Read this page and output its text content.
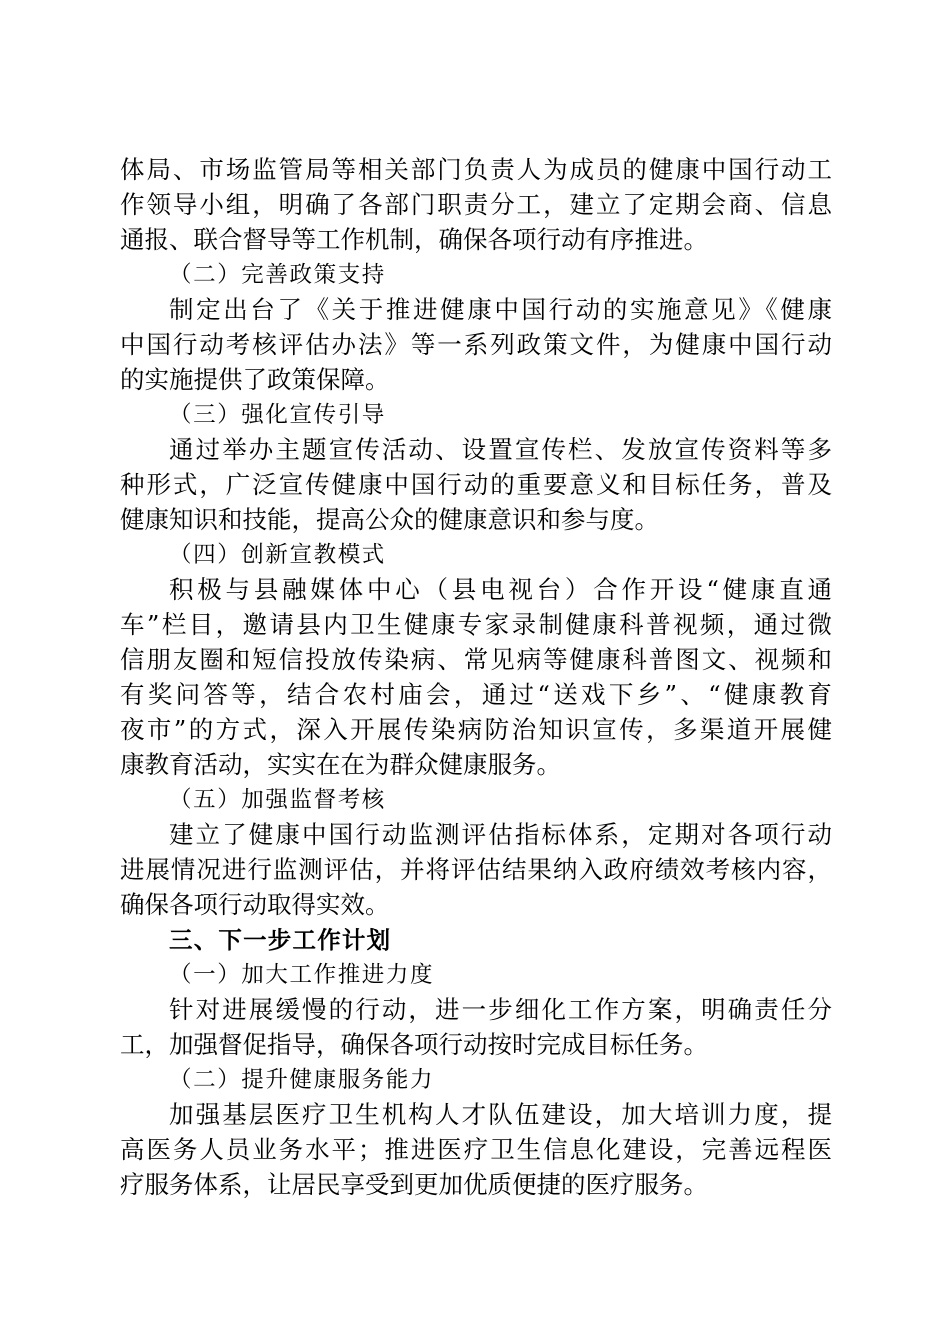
体局、市场监管局等相关部门负责人为成员的健康中国行动工
作领导小组，明确了各部门职责分工，建立了定期会商、信息
通报、联合督导等工作机制，确保各项行动有序推进。
（二）完善政策支持
制定出台了《关于推进健康中国行动的实施意见》《健康
中国行动考核评估办法》等一系列政策文件，为健康中国行动
的实施提供了政策保障。
（三）强化宣传引导
通过举办主题宣传活动、设置宣传栏、发放宣传资料等多
种形式，广泛宣传健康中国行动的重要意义和目标任务，普及
健康知识和技能，提高公众的健康意识和参与度。
（四）创新宣教模式
积极与县融媒体中心（县电视台）合作开设“健康直通
车”栏目，邀请县内卫生健康专家录制健康科普视频，通过微
信朋友圈和短信投放传染病、常见病等健康科普图文、视频和
有奖问答等，结合农村庙会，通过“送戏下乡”、“健康教育
夜市”的方式，深入开展传染病防治知识宣传，多渠道开展健
康教育活动，实实在在为群众健康服务。
（五）加强监督考核
建立了健康中国行动监测评估指标体系，定期对各项行动
进展情况进行监测评估，并将评估结果纳入政府绩效考核内容，
确保各项行动取得实效。
三、下一步工作计划
（一）加大工作推进力度
针对进展缓慢的行动，进一步细化工作方案，明确责任分
工，加强督促指导，确保各项行动按时完成目标任务。
（二）提升健康服务能力
加强基层医疗卫生机构人才队伍建设，加大培训力度，提
高医务人员业务水平；推进医疗卫生信息化建设，完善远程医
疗服务体系，让居民享受到更加优质便捷的医疗服务。
